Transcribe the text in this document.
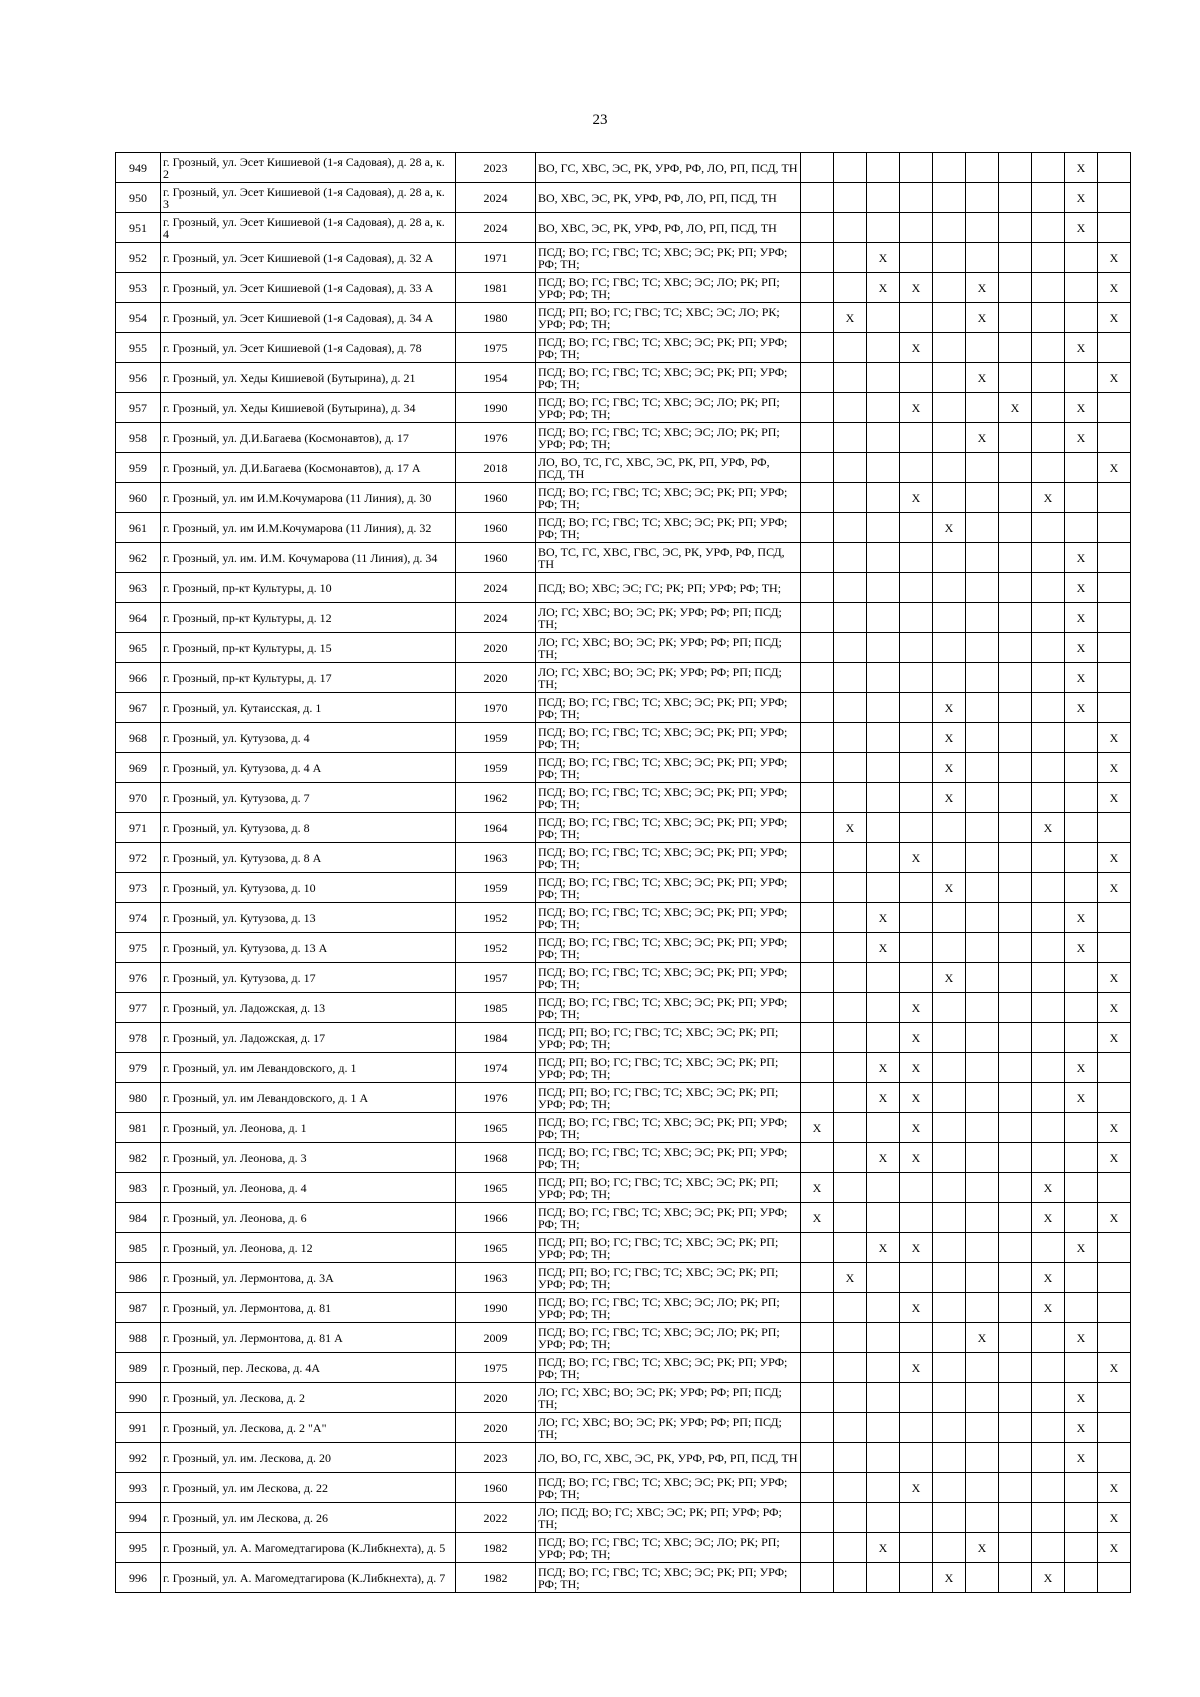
23
949	г. Грозный, ул. Эсет Кишиевой (1-я Садовая), д. 28 а, к. 2	2023	ВО, ГС, ХВС, ЭС, РК, УРФ, РФ, ЛО, РП, ПСД, ТН									X	
950	г. Грозный, ул. Эсет Кишиевой (1-я Садовая), д. 28 а, к. 3	2024	ВО, ХВС, ЭС, РК, УРФ, РФ, ЛО, РП, ПСД, ТН									X	
951	г. Грозный, ул. Эсет Кишиевой (1-я Садовая), д. 28 а, к. 4	2024	ВО, ХВС, ЭС, РК, УРФ, РФ, ЛО, РП, ПСД, ТН									X	
952	г. Грозный, ул. Эсет Кишиевой (1-я Садовая), д. 32 А	1971	ПСД; ВО; ГС; ГВС; ТС; ХВС; ЭС; РК; РП; УРФ; РФ; ТН;			X							X
953	г. Грозный, ул. Эсет Кишиевой (1-я Садовая), д. 33 А	1981	ПСД; ВО; ГС; ГВС; ТС; ХВС; ЭС; ЛО; РК; РП; УРФ; РФ; ТН;			X	X		X				X
954	г. Грозный, ул. Эсет Кишиевой (1-я Садовая), д. 34 А	1980	ПСД; РП; ВО; ГС; ГВС; ТС; ХВС; ЭС; ЛО; РК; УРФ; РФ; ТН;		X				X				X
955	г. Грозный, ул. Эсет Кишиевой (1-я Садовая), д. 78	1975	ПСД; ВО; ГС; ГВС; ТС; ХВС; ЭС; РК; РП; УРФ; РФ; ТН;				X					X	
956	г. Грозный, ул. Хеды Кишиевой (Бутырина), д. 21	1954	ПСД; ВО; ГС; ГВС; ТС; ХВС; ЭС; РК; РП; УРФ; РФ; ТН;						X				X
957	г. Грозный, ул. Хеды Кишиевой (Бутырина), д. 34	1990	ПСД; ВО; ГС; ГВС; ТС; ХВС; ЭС; ЛО; РК; РП; УРФ; РФ; ТН;				X			X		X	
958	г. Грозный, ул. Д.И.Багаева (Космонавтов), д. 17	1976	ПСД; ВО; ГС; ГВС; ТС; ХВС; ЭС; ЛО; РК; РП; УРФ; РФ; ТН;						X			X	
959	г. Грозный, ул. Д.И.Багаева (Космонавтов), д. 17 А	2018	ЛО, ВО, ТС, ГС, ХВС, ЭС, РК, РП, УРФ, РФ, ПСД, ТН										X
960	г. Грозный, ул. им И.М.Кочумарова (11 Линия), д. 30	1960	ПСД; ВО; ГС; ГВС; ТС; ХВС; ЭС; РК; РП; УРФ; РФ; ТН;				X				X		
961	г. Грозный, ул. им И.М.Кочумарова (11 Линия), д. 32	1960	ПСД; ВО; ГС; ГВС; ТС; ХВС; ЭС; РК; РП; УРФ; РФ; ТН;					X					
962	г. Грозный, ул. им. И.М. Кочумарова (11 Линия), д. 34	1960	ВО, ТС, ГС, ХВС, ГВС, ЭС, РК, УРФ, РФ, ПСД, ТН									X	
963	г. Грозный, пр-кт Культуры, д. 10	2024	ПСД; ВО; ХВС; ЭС; ГС; РК; РП; УРФ; РФ; ТН;									X	
964	г. Грозный, пр-кт Культуры, д. 12	2024	ЛО; ГС; ХВС; ВО; ЭС; РК; УРФ; РФ; РП; ПСД; ТН;									X	
965	г. Грозный, пр-кт Культуры, д. 15	2020	ЛО; ГС; ХВС; ВО; ЭС; РК; УРФ; РФ; РП; ПСД; ТН;									X	
966	г. Грозный, пр-кт Культуры, д. 17	2020	ЛО; ГС; ХВС; ВО; ЭС; РК; УРФ; РФ; РП; ПСД; ТН;									X	
967	г. Грозный, ул. Кутаисская, д. 1	1970	ПСД; ВО; ГС; ГВС; ТС; ХВС; ЭС; РК; РП; УРФ; РФ; ТН;					X				X	
968	г. Грозный, ул. Кутузова, д. 4	1959	ПСД; ВО; ГС; ГВС; ТС; ХВС; ЭС; РК; РП; УРФ; РФ; ТН;					X					X
969	г. Грозный, ул. Кутузова, д. 4 А	1959	ПСД; ВО; ГС; ГВС; ТС; ХВС; ЭС; РК; РП; УРФ; РФ; ТН;					X					X
970	г. Грозный, ул. Кутузова, д. 7	1962	ПСД; ВО; ГС; ГВС; ТС; ХВС; ЭС; РК; РП; УРФ; РФ; ТН;					X					X
971	г. Грозный, ул. Кутузова, д. 8	1964	ПСД; ВО; ГС; ГВС; ТС; ХВС; ЭС; РК; РП; УРФ; РФ; ТН;		X						X		
972	г. Грозный, ул. Кутузова, д. 8 А	1963	ПСД; ВО; ГС; ГВС; ТС; ХВС; ЭС; РК; РП; УРФ; РФ; ТН;				X						X
973	г. Грозный, ул. Кутузова, д. 10	1959	ПСД; ВО; ГС; ГВС; ТС; ХВС; ЭС; РК; РП; УРФ; РФ; ТН;					X					X
974	г. Грозный, ул. Кутузова, д. 13	1952	ПСД; ВО; ГС; ГВС; ТС; ХВС; ЭС; РК; РП; УРФ; РФ; ТН;			X						X	
975	г. Грозный, ул. Кутузова, д. 13 А	1952	ПСД; ВО; ГС; ГВС; ТС; ХВС; ЭС; РК; РП; УРФ; РФ; ТН;			X						X	
976	г. Грозный, ул. Кутузова, д. 17	1957	ПСД; ВО; ГС; ГВС; ТС; ХВС; ЭС; РК; РП; УРФ; РФ; ТН;					X					X
977	г. Грозный, ул. Ладожская, д. 13	1985	ПСД; ВО; ГС; ГВС; ТС; ХВС; ЭС; РК; РП; УРФ; РФ; ТН;				X						X
978	г. Грозный, ул. Ладожская, д. 17	1984	ПСД; РП; ВО; ГС; ГВС; ТС; ХВС; ЭС; РК; РП; УРФ; РФ; ТН;				X						X
979	г. Грозный, ул. им Левандовского, д. 1	1974	ПСД; РП; ВО; ГС; ГВС; ТС; ХВС; ЭС; РК; РП; УРФ; РФ; ТН;			X	X					X	
980	г. Грозный, ул. им Левандовского, д. 1 А	1976	ПСД; РП; ВО; ГС; ГВС; ТС; ХВС; ЭС; РК; РП; УРФ; РФ; ТН;			X	X					X	
981	г. Грозный, ул. Леонова, д. 1	1965	ПСД; ВО; ГС; ГВС; ТС; ХВС; ЭС; РК; РП; УРФ; РФ; ТН;	X			X						X
982	г. Грозный, ул. Леонова, д. 3	1968	ПСД; ВО; ГС; ГВС; ТС; ХВС; ЭС; РК; РП; УРФ; РФ; ТН;			X	X						X
983	г. Грозный, ул. Леонова, д. 4	1965	ПСД; РП; ВО; ГС; ГВС; ТС; ХВС; ЭС; РК; РП; УРФ; РФ; ТН;	X							X		
984	г. Грозный, ул. Леонова, д. 6	1966	ПСД; ВО; ГС; ГВС; ТС; ХВС; ЭС; РК; РП; УРФ; РФ; ТН;	X							X		X
985	г. Грозный, ул. Леонова, д. 12	1965	ПСД; РП; ВО; ГС; ГВС; ТС; ХВС; ЭС; РК; РП; УРФ; РФ; ТН;			X	X					X	
986	г. Грозный, ул. Лермонтова, д. 3А	1963	ПСД; РП; ВО; ГС; ГВС; ТС; ХВС; ЭС; РК; РП; УРФ; РФ; ТН;		X						X		
987	г. Грозный, ул. Лермонтова, д. 81	1990	ПСД; ВО; ГС; ГВС; ТС; ХВС; ЭС; ЛО; РК; РП; УРФ; РФ; ТН;				X				X		
988	г. Грозный, ул. Лермонтова, д. 81 А	2009	ПСД; ВО; ГС; ГВС; ТС; ХВС; ЭС; ЛО; РК; РП; УРФ; РФ; ТН;						X			X	
989	г. Грозный, пер. Лескова, д. 4А	1975	ПСД; ВО; ГС; ГВС; ТС; ХВС; ЭС; РК; РП; УРФ; РФ; ТН;				X						X
990	г. Грозный, ул. Лескова, д. 2	2020	ЛО; ГС; ХВС; ВО; ЭС; РК; УРФ; РФ; РП; ПСД; ТН;									X	
991	г. Грозный, ул. Лескова, д. 2 "А"	2020	ЛО; ГС; ХВС; ВО; ЭС; РК; УРФ; РФ; РП; ПСД; ТН;									X	
992	г. Грозный, ул. им. Лескова, д. 20	2023	ЛО, ВО, ГС, ХВС, ЭС, РК, УРФ, РФ, РП, ПСД, ТН									X	
993	г. Грозный, ул. им Лескова, д. 22	1960	ПСД; ВО; ГС; ГВС; ТС; ХВС; ЭС; РК; РП; УРФ; РФ; ТН;				X						X
994	г. Грозный, ул. им Лескова, д. 26	2022	ЛО; ПСД; ВО; ГС; ХВС; ЭС; РК; РП; УРФ; РФ; ТН;										X
995	г. Грозный, ул. А. Магомедтагирова (К.Либкнехта), д. 5	1982	ПСД; ВО; ГС; ГВС; ТС; ХВС; ЭС; ЛО; РК; РП; УРФ; РФ; ТН;			X			X				X
996	г. Грозный, ул. А. Магомедтагирова (К.Либкнехта), д. 7	1982	ПСД; ВО; ГС; ГВС; ТС; ХВС; ЭС; РК; РП; УРФ; РФ; ТН;					X			X		
